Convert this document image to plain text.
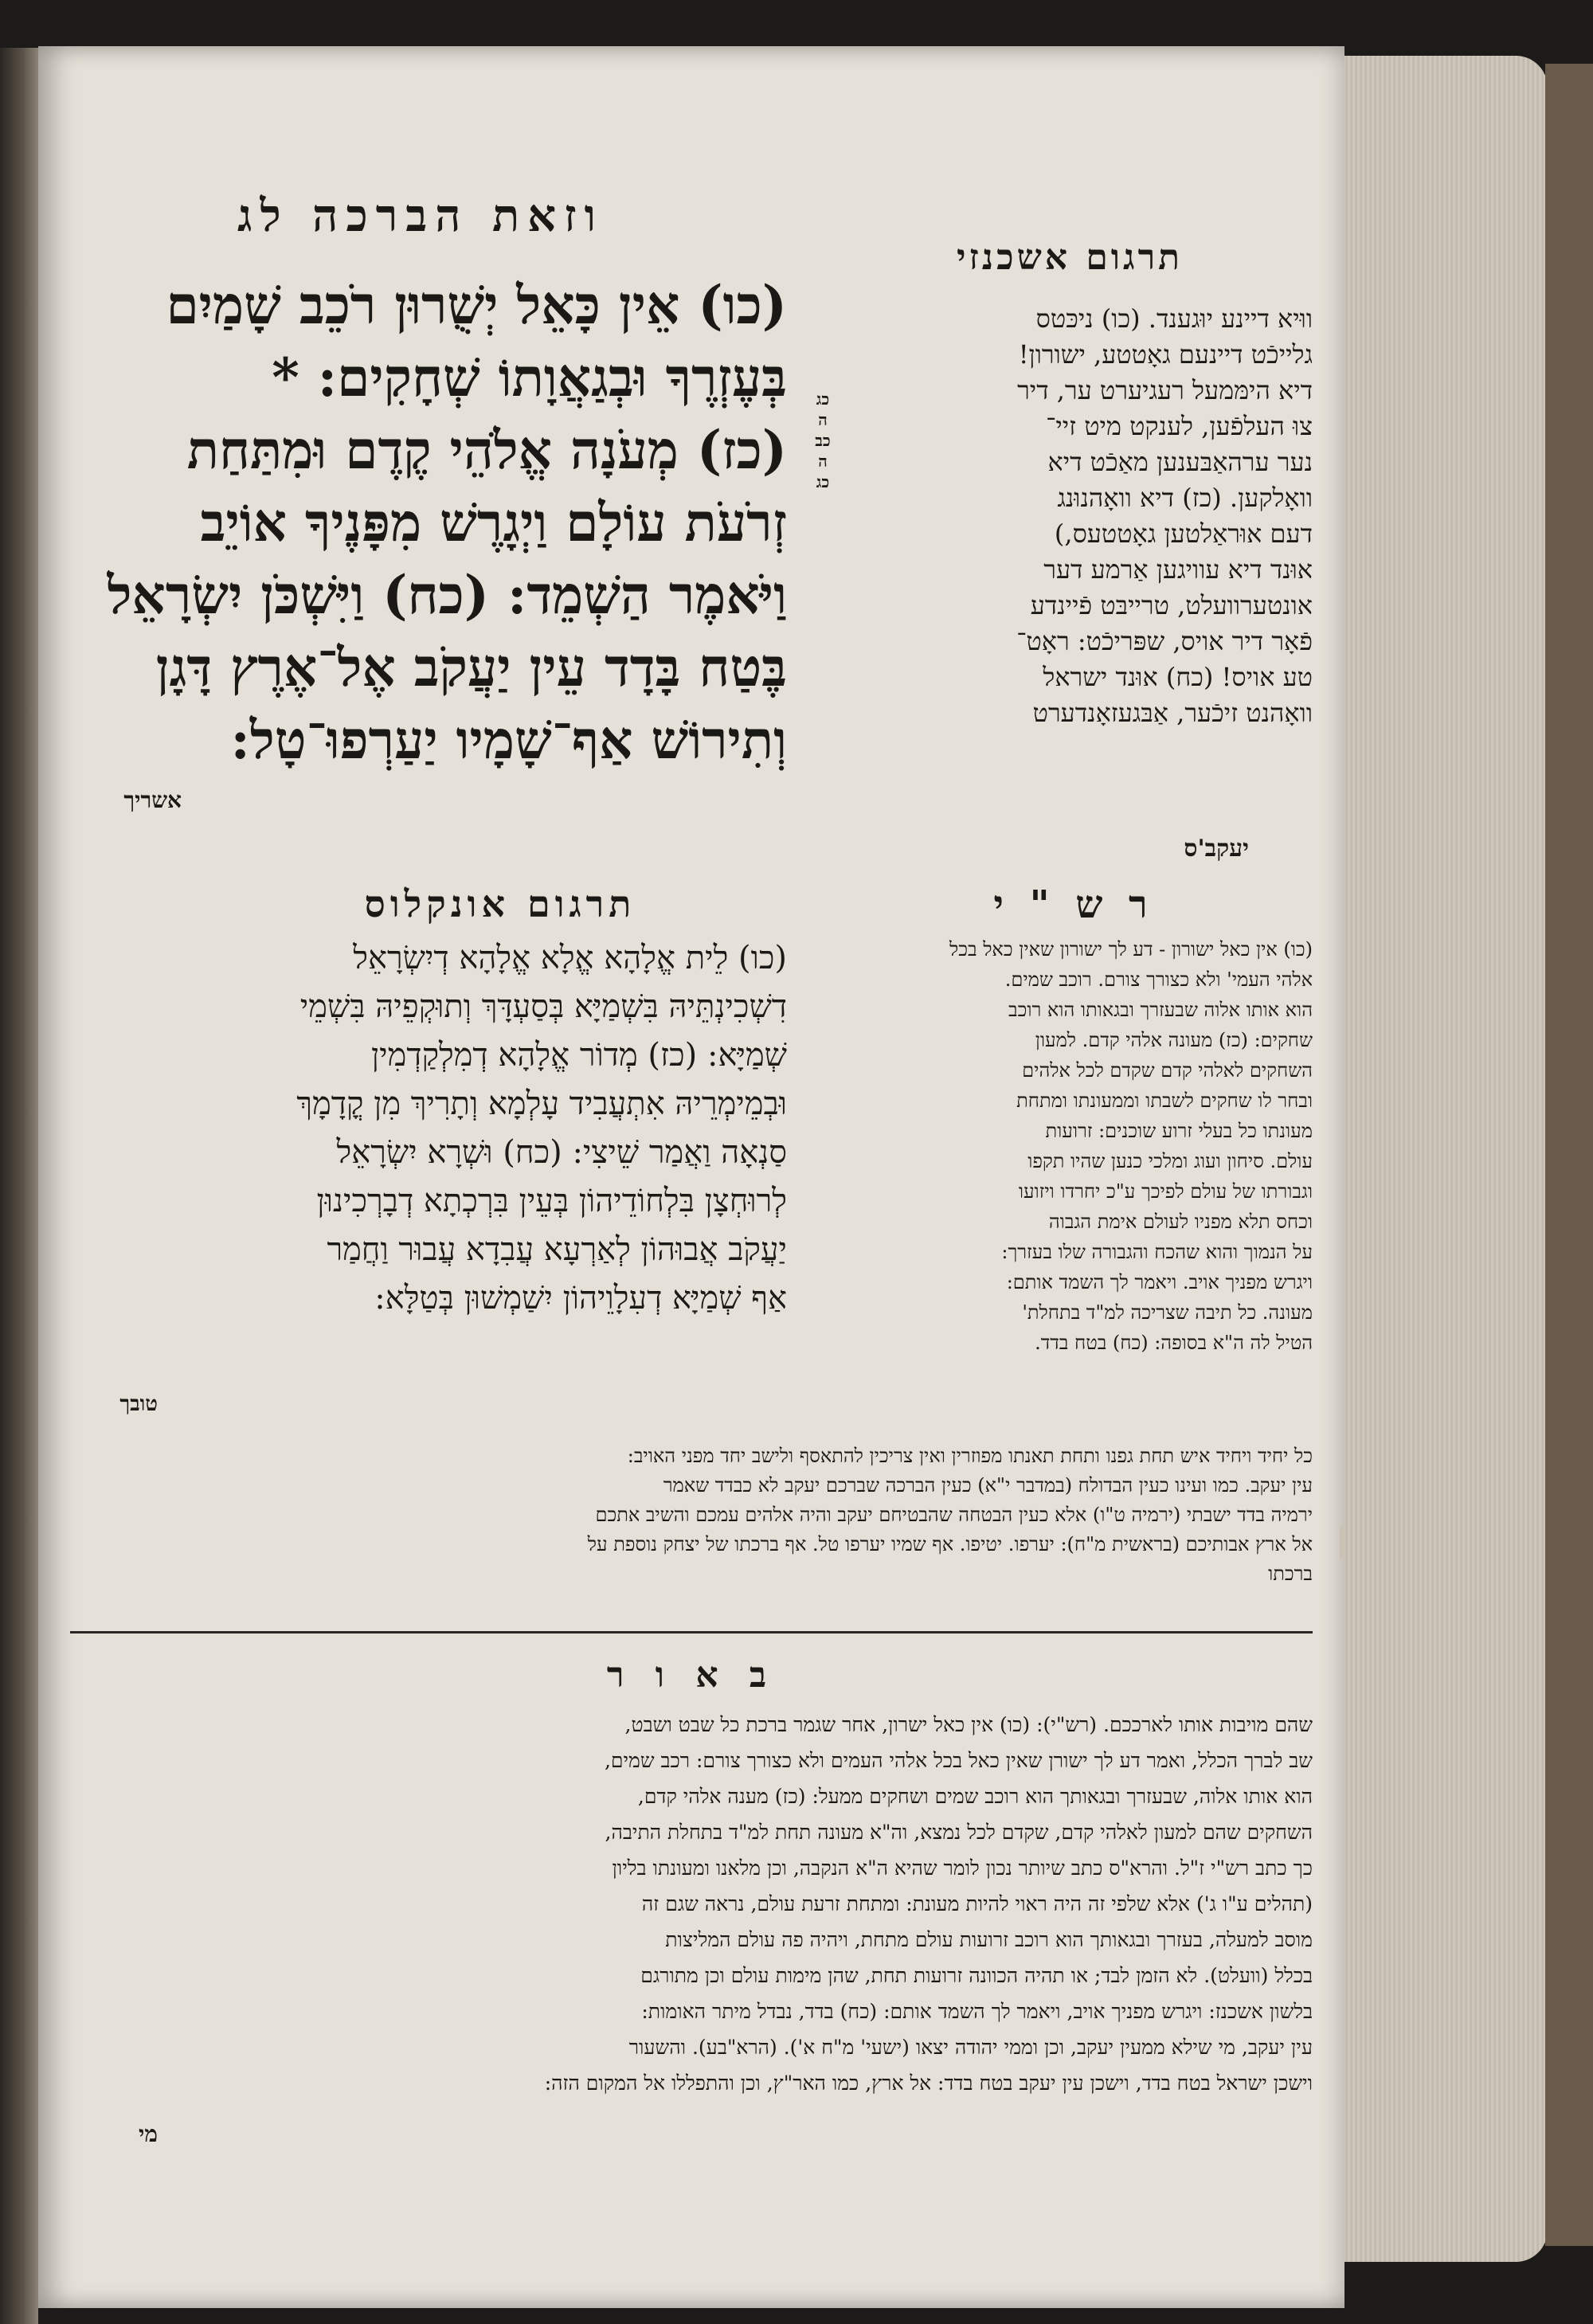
וזאת הברכה לג
תרגום אשכנזי
(כו) אֵין כָּאֵל יְשֻׁרוּן רֹכֵב שָׁמַיִם
בְּעֶזְרֶךָ וּבְגַאֲוָתוֹ שְׁחָקִים: *
(כז) מְעֹנָה אֱלֹהֵי קֶדֶם וּמִתַּחַת
זְרֹעֹת עוֹלָם וַיְגָרֶשׁ מִפָּנֶיךָ אוֹיֵב
וַיֹּאמֶר הַשְׁמֵד: (כח) וַיִּשְׁכֹּן יִשְׂרָאֵל
בֶּטַח בָּדָד עֵין יַעֲקֹב אֶל־אֶרֶץ דָּגָן
וְתִירוֹשׁ אַף־שָׁמָיו יַעַרְפוּ־טָל:
אשריך
כג
ה
כב
ה
כג
ווּיא דיינע יוּגענד. (כו) ניכּטס
גלייכֿט דיינעם גאָטטע, ישורון!
דיא הימּמעל רעגיערט ער, דיר
צוּ העלפֿען, לענקט מיט זיי־
נער ערהאַבּענען מאַכֿט דיא
וואָלקען. (כז) דיא וואָהנוּנג
דעם אוּראַלטען גאָטטעס,)
אוּנד דיא עוויגען אַרמע דער
אונטערוועלט, טרייבּט פֿיינדע
פֿאָר דיר אויס, שפּריכֿט: ראָט־
טע אויס! (כח) אוּנד ישראל
וואָהנט זיכֿער, אַבּגעזאָנדערט
יעקב'ס
תרגום אונקלוס	ר ש " י
(כו) לֵית אֱלָהָא אֱלָא אֱלָהָא דְיִשְׂרָאֵל
דִשְׁכִינְתֵּיהּ בִּשְׁמַיָּא בְּסַעְדָּךְ וְתוּקְפֵיהּ בִּשְׁמֵי
שְׁמַיָּא: (כז) מְדוֹר אֱלָהָא דְמִלְקַדְמִין
וּבְמֵימְרֵיהּ אִתְעֲבִיד עָלְמָא וְתָרִיךְ מִן קֳדָמָךְ
סַנְאָה וַאֲמַר שֵׁיצִי: (כח) וּשְׁרָא יִשְׂרָאֵל
לְרוּחְצָן בִּלְחוֹדֵיהוֹן בְּעֵין בִּרְכְתָא דְבָרְכִינוּן
יַעֲקֹב אֲבוּהוֹן לְאַרְעָא עֲבִדָא עֲבוּר וַחֲמַר
אַף שְׁמַיָּא דְעִלָוֵיהוֹן יִשַׁמְשׁוּן בְּטַלָּא:
טובך
(כו) אין כאל ישורון - דע לך ישורון שאין כאל בכל
אלהי העמי' ולא כצורך צורם. רוכב שמים.
הוא אותו אלוה שבעזרך ובגאותו הוא רוכב
שחקים: (כז) מעונה אלהי קדם. למעון
השחקים לאלהי קדם שקדם לכל אלהים
ובחר לו שחקים לשבתו וממעונתו ומתחת
מעונתו כל בעלי זרוע שוכנים: זרועות
עולם. סיחון ועוג ומלכי כנען שהיו תקפו
וגבורתו של עולם לפיכך ע"כ יחרדו ויזועו
וכחס תלא מפניו לעולם אימת הגבוה
על הנמוך והוא שהכח והגבורה שלו בעזרך:
ויגרש מפניך אויב. ויאמר לך השמד אותם:
מעונה. כל תיבה שצריכה למ"ד בתחלת'
הטיל לה ה"א בסופה: (כח) בטח בדד.
כל יחיד ויחיד איש תחת גפנו ותחת תאנתו מפוזרין ואין צריכין להתאסף ולישב יחד מפני האויב:
עין יעקב. כמו ועינו כעין הבדולח (במדבר י"א) כעין הברכה שברכם יעקב לא כבדד שאמר
ירמיה בדד ישבתי (ירמיה ט"ו) אלא כעין הבטחה שהבטיחם יעקב והיה אלהים עמכם והשיב אתכם
אל ארץ אבותיכם (בראשית מ"ח): יערפו. יטיפו. אף שמיו יערפו טל. אף ברכתו של יצחק נוספת על
ברכתו
ב א ו ר
שהם מויבות אותו לארככם. (רש"י): (כו) אין כאל ישרון, אחר שגמר ברכת כל שבט ושבט,
שב לברך הכלל, ואמר דע לך ישורן שאין כאל בכל אלהי העמים ולא כצורך צורם: רכב שמים,
הוא אותו אלוה, שבעזרך ובגאותך הוא רוכב שמים ושחקים ממעל: (כז) מענה אלהי קדם,
השחקים שהם למעון לאלהי קדם, שקדם לכל נמצא, וה"א מעונה תחת למ"ד בתחלת התיבה,
כך כתב רש"י ז"ל. והרא"ס כתב שיותר נכון לומר שהיא ה"א הנקבה, וכן מלאנו ומעונתו בליון
(תהלים ע"ו ג') אלא שלפי זה היה ראוי להיות מעונת: ומתחת זרעת עולם, נראה שגם זה
מוסב למעלה, בעזרך ובגאותך הוא רוכב זרועות עולם מתחת, ויהיה פה עולם המליצות
בכלל (וועלט). לא הזמן לבד; או תהיה הכוונה זרועות תחת, שהן מימות עולם וכן מתורגם
בלשון אשכנז: ויגרש מפניך אויב, ויאמר לך השמד אותם: (כח) בדד, נבדל מיתר האומות:
עין יעקב, מי שילא ממעין יעקב, וכן וממי יהודה יצאו (ישעי' מ"ח א'). (הרא"בע). והשעור
וישכן ישראל בטח בדד, וישכן עין יעקב בטח בדד: אל ארץ, כמו האר"ץ, וכן והתפללו אל המקום הזה:
מי
